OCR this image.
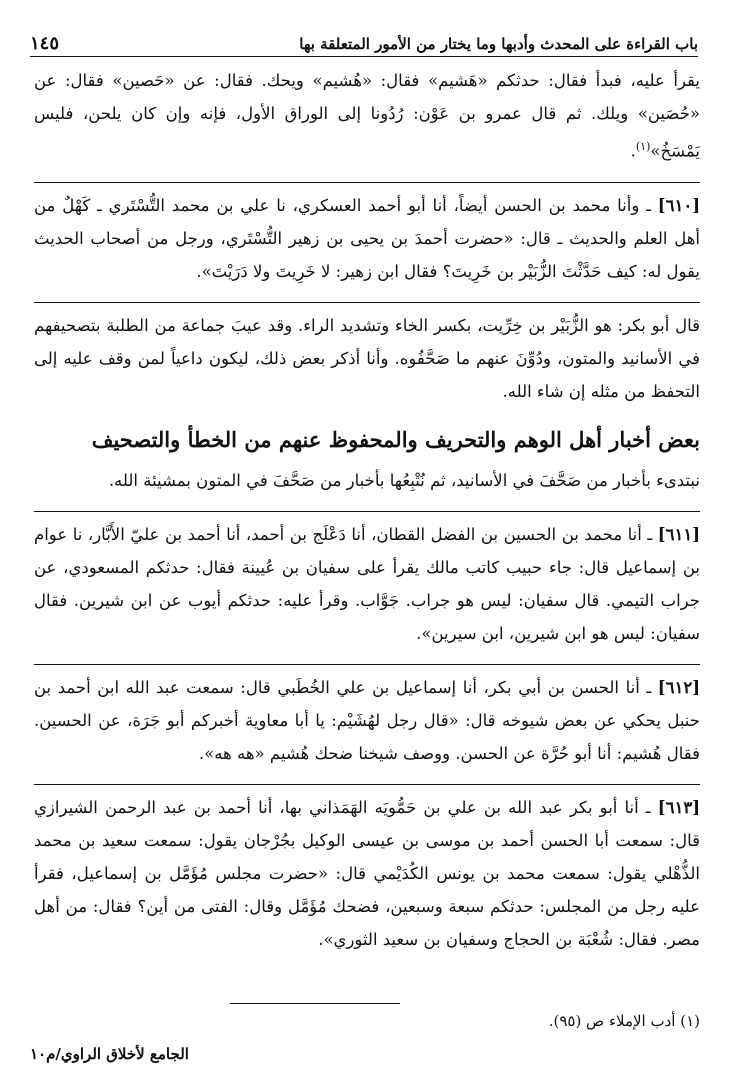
باب القراءة على المحدث وأدبها وما يختار من الأمور المتعلقة بها
١٤٥

يقرأ عليه، فبدأ فقال: حدثكم «هَشيم» فقال: «هُشيم» ويحك. فقال: عن «حَصين» فقال: عن «حُصَين» ويلك. ثم قال عمرو بن عَوْن: رُدُونا إلى الوراق الأول، فإنه وإن كان يلحن، فليس يَمْسَخُ»$^{(١)}$.

[٦١٠] ـ وأنا محمد بن الحسن أيضاً، أنا أبو أحمد العسكري، نا علي بن محمد التُّسْتَري ـ كَهْلٌ من أهل العلم والحديث ـ قال: «حضرت أحمدَ بن يحيى بن زهير التُّسْتَري، ورجل من أصحاب الحديث يقول له: كيف حَدَّثْتَ الزُّبَيْر بن خَرِيتَ؟ فقال ابن زهير: لا خَرِيتَ ولا دَرَيْتَ».

قال أبو بكر: هو الزُّبَيْر بن خِرِّيت، بكسر الخاء وتشديد الراء. وقد عيبَ جماعة من الطلبة بتصحيفهم في الأسانيد والمتون، ودُوِّنَ عنهم ما صَحَّفُوه. وأنا أذكر بعض ذلك، ليكون داعياً لمن وقف عليه إلى التحفظ من مثله إن شاء الله.

بعض أخبار أهل الوهم والتحريف والمحفوظ عنهم من الخطأ والتصحيف

نبتدىء بأخبار من صَحَّفَ في الأسانيد، ثم نُتْبِعُها بأخبار من صَحَّفَ في المتون بمشيئة الله.

[٦١١] ـ أنا محمد بن الحسين بن الفضل القطان، أنا دَعْلَج بن أحمد، أنا أحمد بن عليّ الأَبَّار، نا عوام بن إسماعيل قال: جاء حبيب كاتب مالك يقرأ على سفيان بن عُيينة فقال: حدثكم المسعودي، عن جراب التيمي. قال سفيان: ليس هو جراب. جَوَّاب. وقرأ عليه: حدثكم أيوب عن ابن شيرين. فقال سفيان: ليس هو ابن شيرين، ابن سيرين».

[٦١٢] ـ أنا الحسن بن أبي بكر، أنا إسماعيل بن علي الخُطَبي قال: سمعت عبد الله ابن أحمد بن حنبل يحكي عن بعض شيوخه قال: «قال رجل لهُشَيْم: يا أبا معاوية أخبركم أبو جَرَة، عن الحسين. فقال هُشيم: أنا أبو حُرَّة عن الحسن. ووصف شيخنا ضحك هُشيم «هه هه».

[٦١٣] ـ أنا أبو بكر عبد الله بن علي بن حَمُّويَه الهَمَذاني بها، أنا أحمد بن عبد الرحمن الشيرازي قال: سمعت أبا الحسن أحمد بن موسى بن عيسى الوكيل بجُرْجان يقول: سمعت سعيد بن محمد الذُّهْلي يقول: سمعت محمد بن يونس الكُدَيْمي قال: «حضرت مجلس مُؤَمَّل بن إسماعيل، فقرأ عليه رجل من المجلس: حدثكم سبعة وسبعين، فضحك مُؤَمَّل وقال: الفتى من أين؟ فقال: من أهل مصر. فقال: شُعْبَة بن الحجاج وسفيان بن سعيد الثوري».

(١) أدب الإملاء ص (٩٥).
الجامع لأخلاق الراوي/م١٠
